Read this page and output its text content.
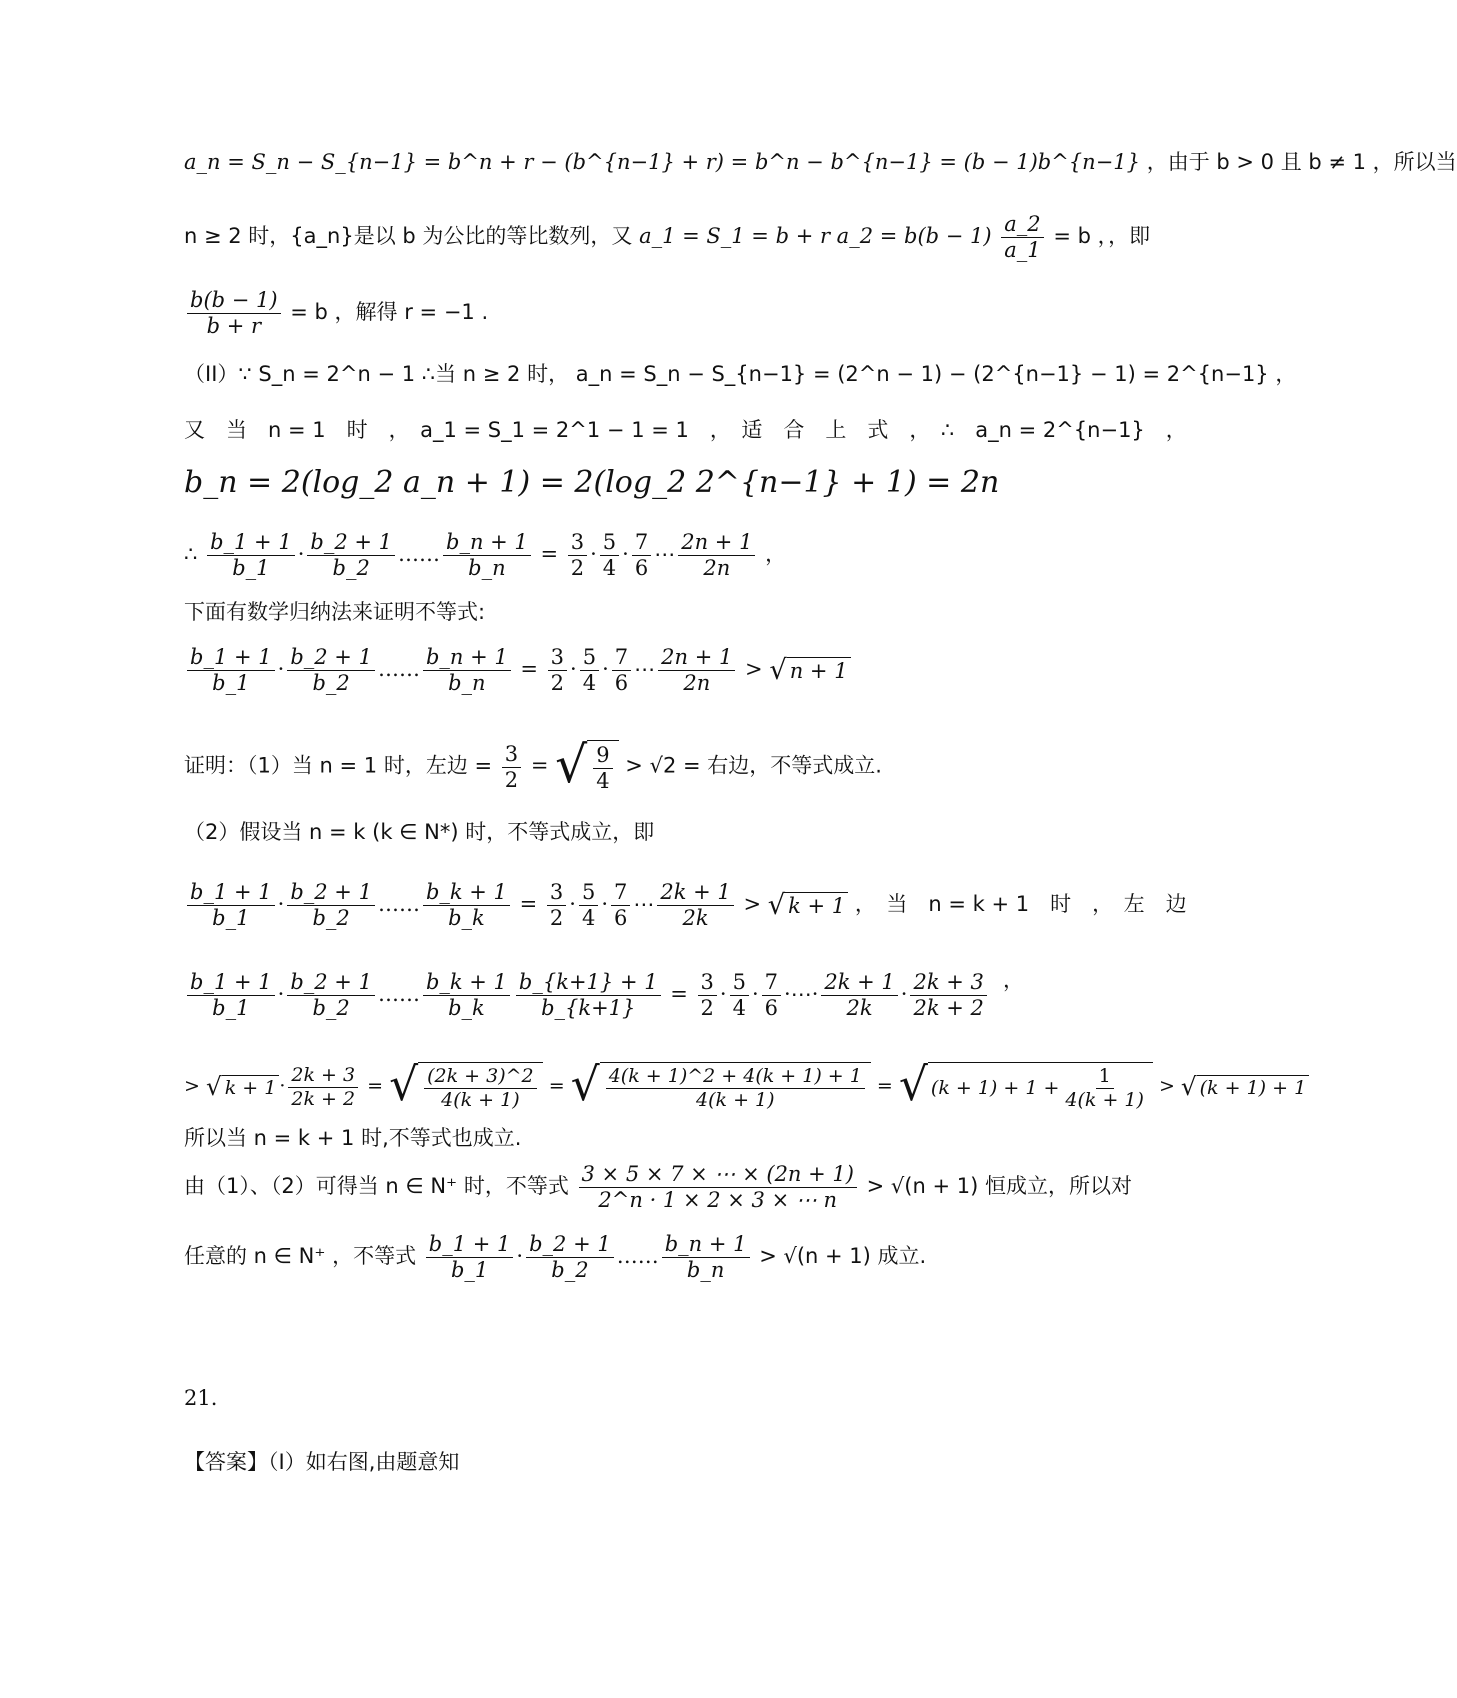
a_n = S_n − S_{n−1} = b^n + r − (b^{n−1} + r) = b^n − b^{n−1} = (b − 1)b^{n−1} ，由于 b > 0 且 b ≠ 1 ，所以当
n ≥ 2 时，{a_n}是以 b 为公比的等比数列，又 a_1 = S_1 = b + r a_2 = $b(b - 1) \frac{a\_2}{a\_1} = b$ ，，即
$\frac{b(b - 1)}{b + r} = b$ ，解得 r = −1 .
（II）∵ S_n = 2^n − 1 ∴当 n ≥ 2 时， a_n = S_n − S_{n−1} = (2^n − 1) − (2^{n−1} − 1) = 2^{n−1} ，
又　当　n = 1　时　，　a_1 = S_1 = 2^1 − 1 = 1　，　适　合　上　式　，　∴　a_n = 2^{n−1}　，
b_n = 2(log_2 a_n + 1) = 2(log_2 2^{n−1} + 1) = 2n
∴ $\frac{b\_1 + 1}{b\_1} \cdot \frac{b\_2 + 1}{b\_2}$ …… $\frac{b\_n + 1}{b\_n} = \frac{3}{2} \cdot \frac{5}{4} \cdot \frac{7}{6}$ ⋯ $\frac{2n + 1}{2n}$ ，
下面有数学归纳法来证明不等式:
$\frac{b\_1 + 1}{b\_1} \cdot \frac{b\_2 + 1}{b\_2}$ …… $\frac{b\_n + 1}{b\_n} = \frac{3}{2} \cdot \frac{5}{4} \cdot \frac{7}{6}$ ⋯ $\frac{2n + 1}{2n}$ > √ n + 1
证明：（1）当 n = 1 时，左边 = $\frac{3}{2}$ = √ $\frac{9}{4} > √2$ = 右边，不等式成立.
（2）假设当 n = k (k ∈ N*) 时，不等式成立，即
$\frac{b\_1 + 1}{b\_1} \cdot \frac{b\_2 + 1}{b\_2}$ …… $\frac{b\_k + 1}{b\_k} = \frac{3}{2} \cdot \frac{5}{4} \cdot \frac{7}{6}$ ⋯ $\frac{2k + 1}{2k}$ > √ k + 1 ，　当　n = k + 1　时　，　左　边
$\frac{b\_1 + 1}{b\_1} \cdot \frac{b\_2 + 1}{b\_2}$ …… $\frac{b\_k + 1}{b\_k} \frac{b\_\{k+1\} + 1}{b\_\{k+1\}} = \frac{3}{2} \cdot \frac{5}{4} \cdot \frac{7}{6}$ ·⋯· $\frac{2k + 1}{2k} \cdot \frac{2k + 3}{2k + 2}$ ，
> √ $k + 1 \cdot \frac{2k + 3}{2k + 2}$ = √ $\frac{(2k + 3)\^{}2}{4(k + 1)}$ = √ $\frac{4(k + 1)\^{}2 + 4(k + 1) + 1}{4(k + 1)}$ = √ $(k + 1) + 1 + \frac{1}{4(k + 1)}$ > √ (k + 1) + 1
所以当 n = k + 1 时,不等式也成立.
由（1）、（2）可得当 n ∈ N⁺ 时，不等式 $\frac{3 \times 5 \times 7 \times \cdots \times (2n + 1)}{2\^{}n \cdot 1 \times 2 \times 3 \times \cdots n} > √(n + 1)$ 恒成立，所以对
任意的 n ∈ N⁺ ，不等式 $\frac{b\_1 + 1}{b\_1} \cdot \frac{b\_2 + 1}{b\_2}$ …… $\frac{b\_n + 1}{b\_n} > √(n + 1)$ 成立.
21.
【答案】（I）如右图,由题意知
